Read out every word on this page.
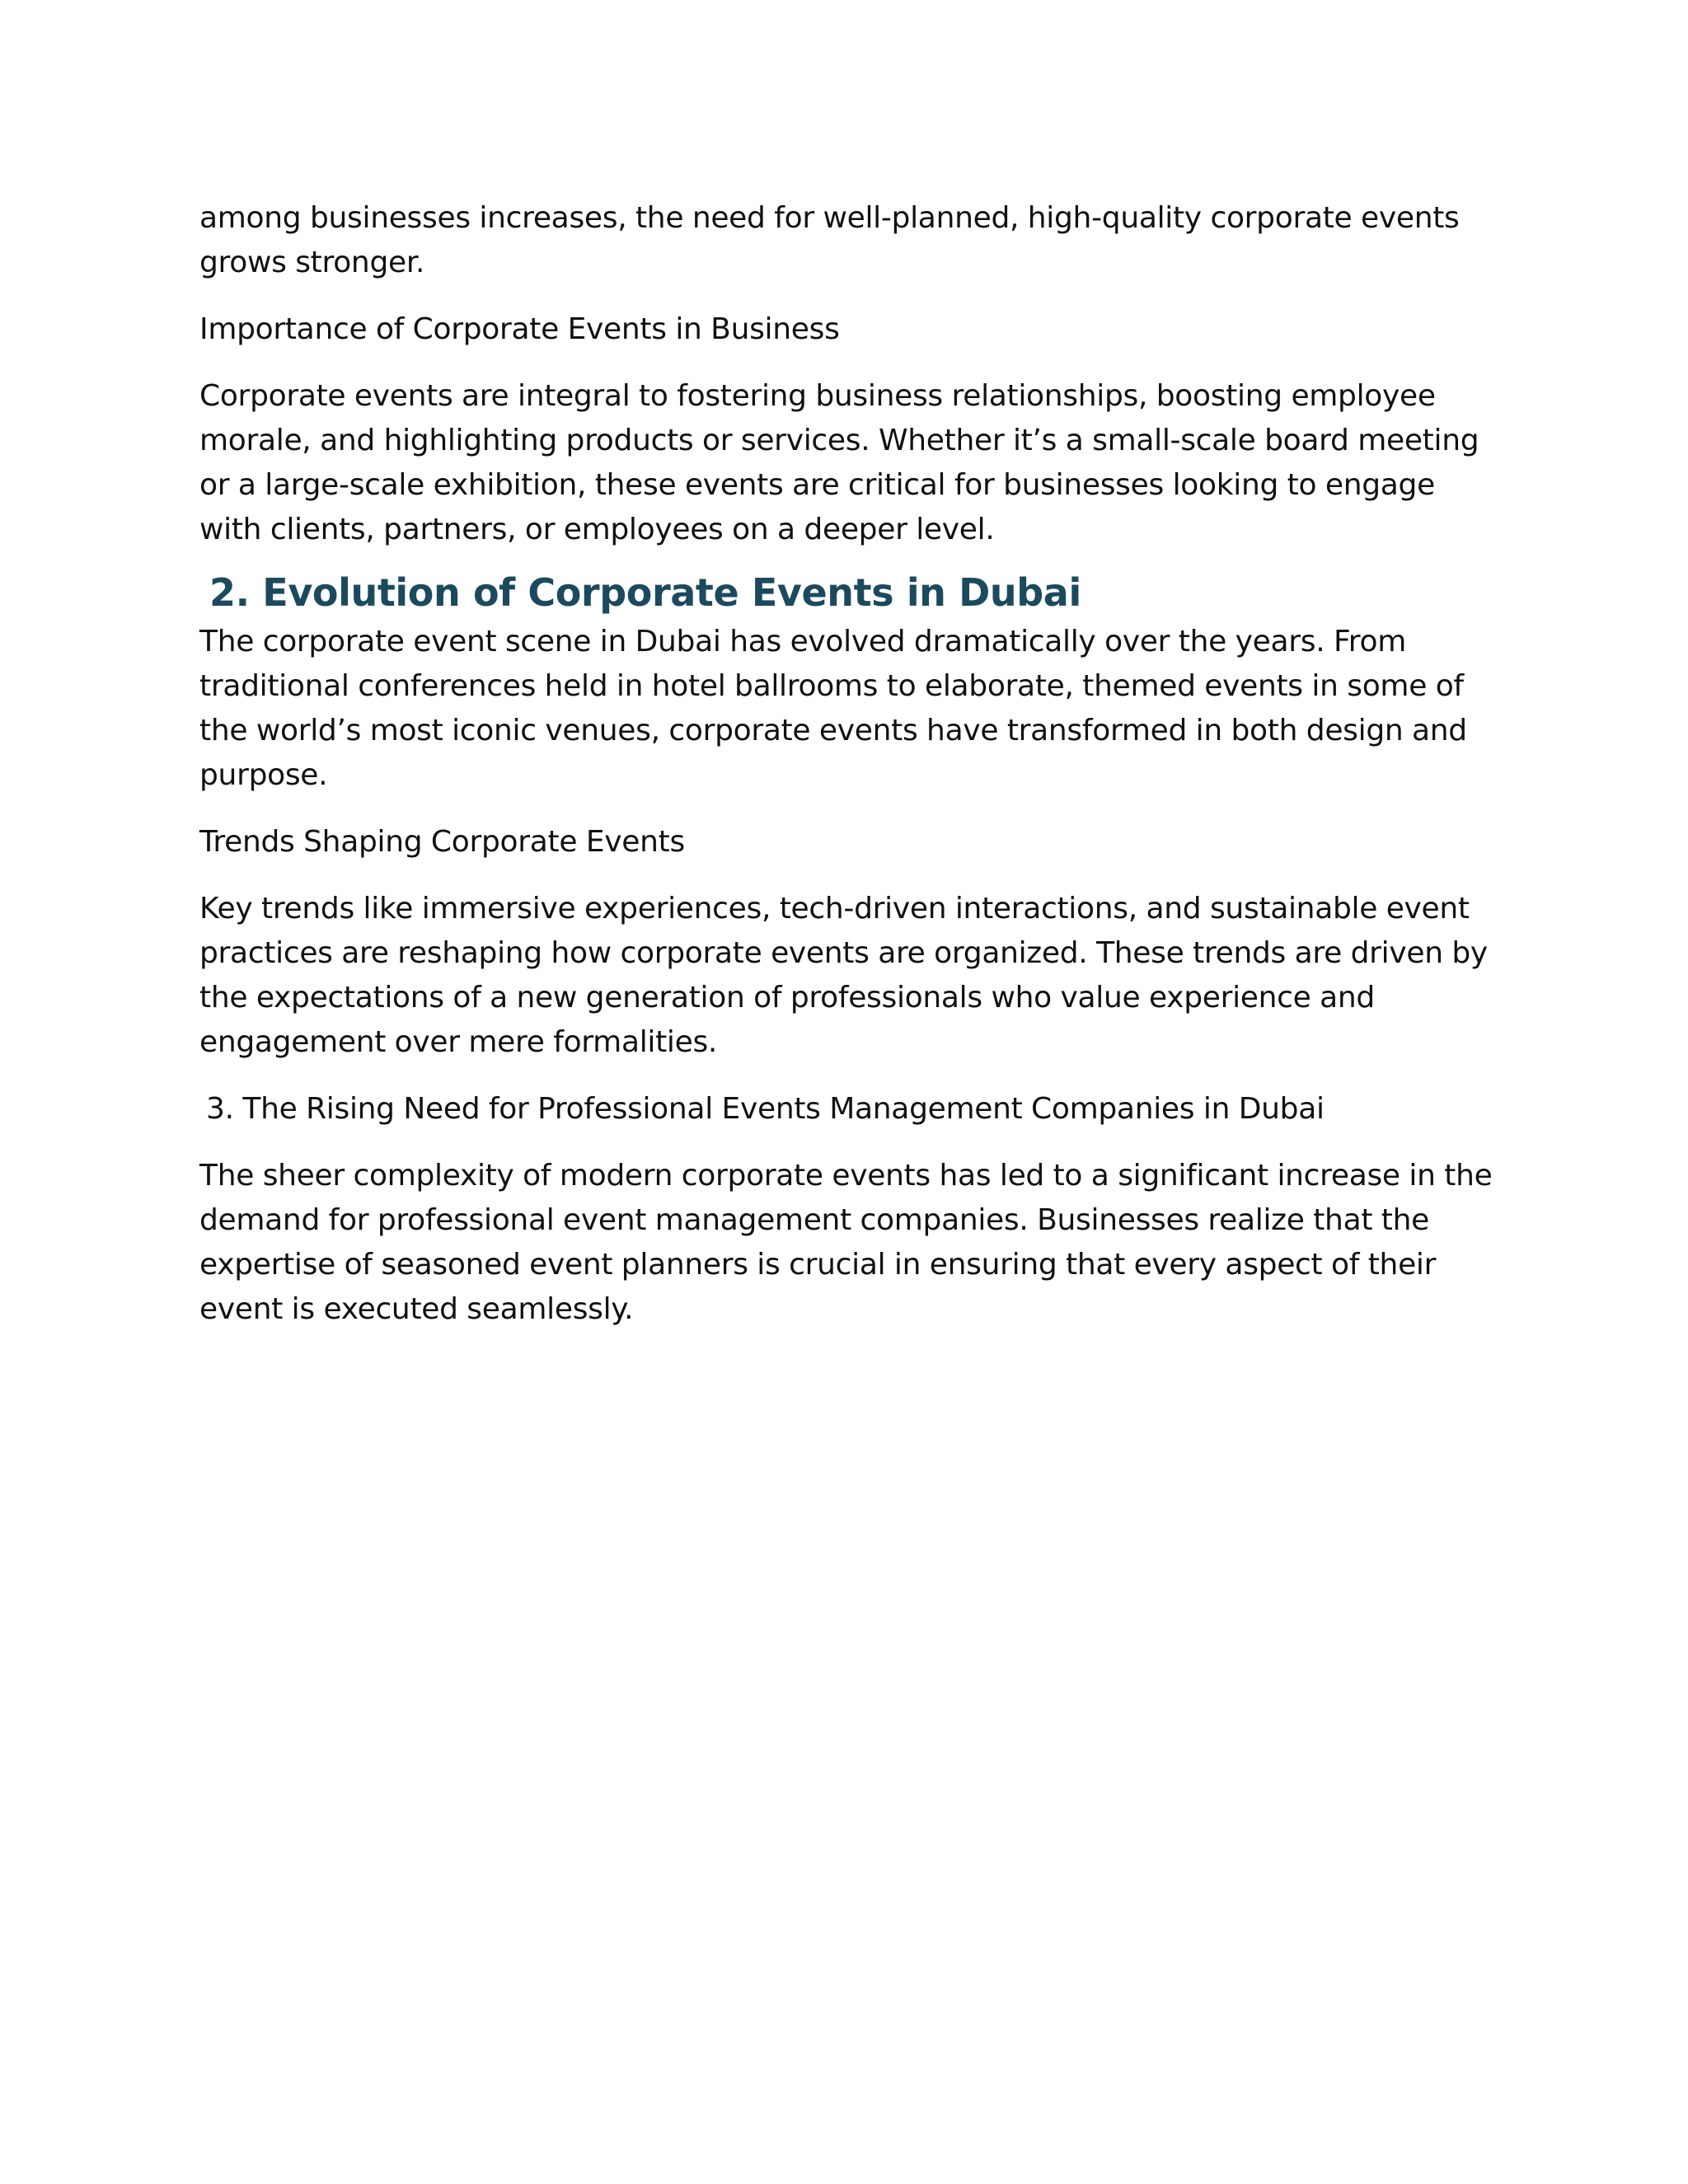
among businesses increases, the need for well-planned, high-quality corporate events grows stronger.

Importance of Corporate Events in Business

Corporate events are integral to fostering business relationships, boosting employee morale, and highlighting products or services. Whether it’s a small-scale board meeting or a large-scale exhibition, these events are critical for businesses looking to engage with clients, partners, or employees on a deeper level.

2. Evolution of Corporate Events in Dubai

The corporate event scene in Dubai has evolved dramatically over the years. From traditional conferences held in hotel ballrooms to elaborate, themed events in some of the world’s most iconic venues, corporate events have transformed in both design and purpose.

Trends Shaping Corporate Events

Key trends like immersive experiences, tech-driven interactions, and sustainable event practices are reshaping how corporate events are organized. These trends are driven by the expectations of a new generation of professionals who value experience and engagement over mere formalities.

3. The Rising Need for Professional Events Management Companies in Dubai

The sheer complexity of modern corporate events has led to a significant increase in the demand for professional event management companies. Businesses realize that the expertise of seasoned event planners is crucial in ensuring that every aspect of their event is executed seamlessly.
